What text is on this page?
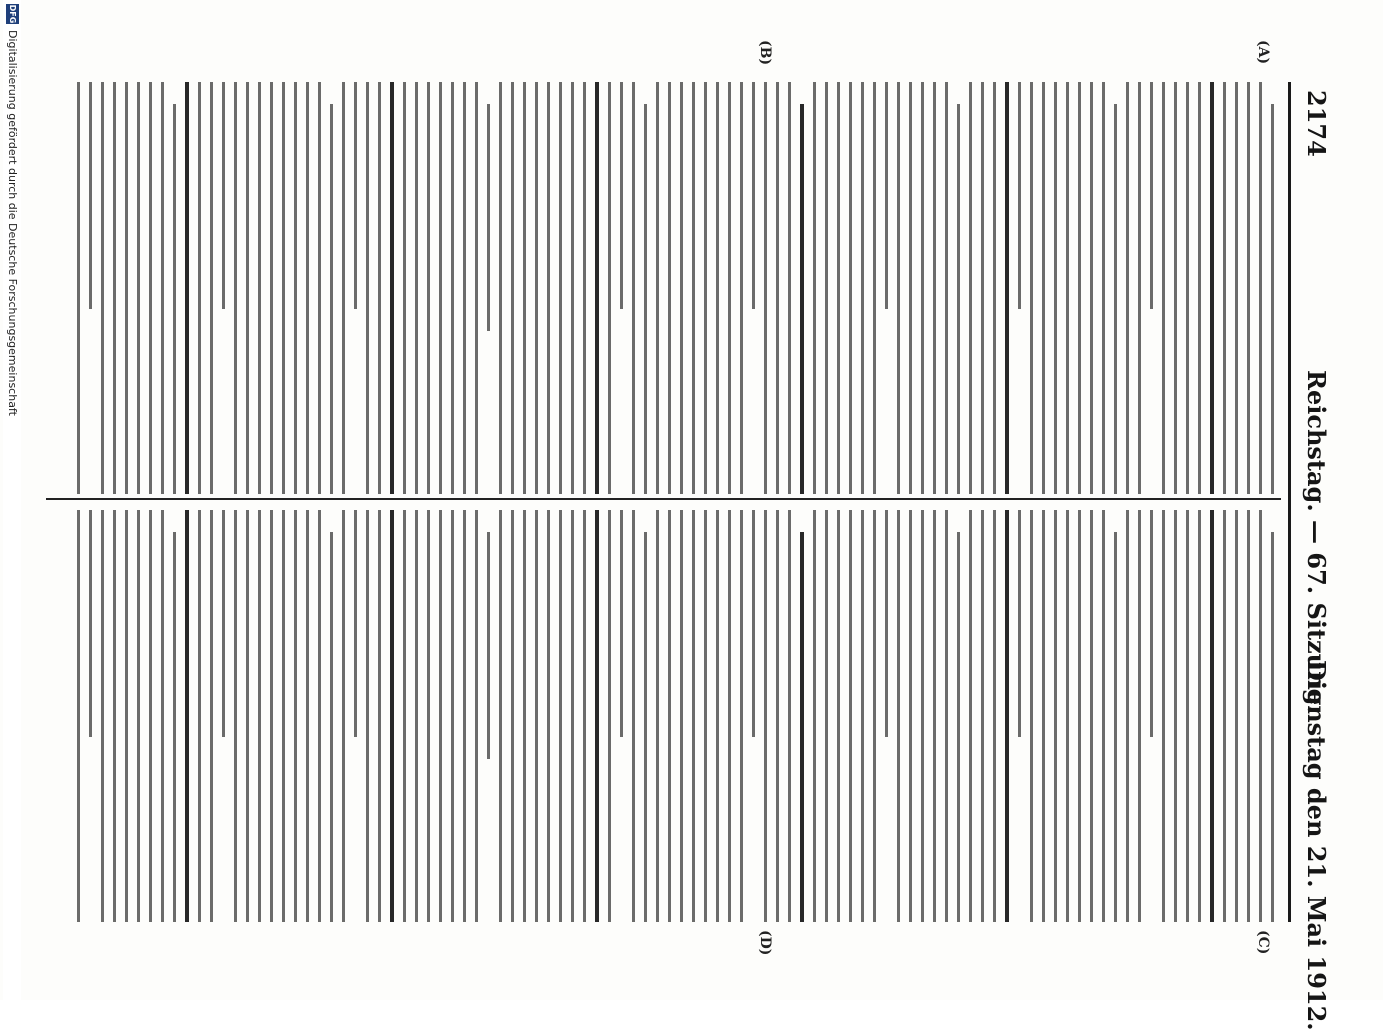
2174
Reichstag. — 67. Sitzung.
Dienstag den 21. Mai 1912.
(A)
(B)
(C)
(D)
DFG
Digitalisierung gefördert durch die Deutsche Forschungsgemeinschaft
